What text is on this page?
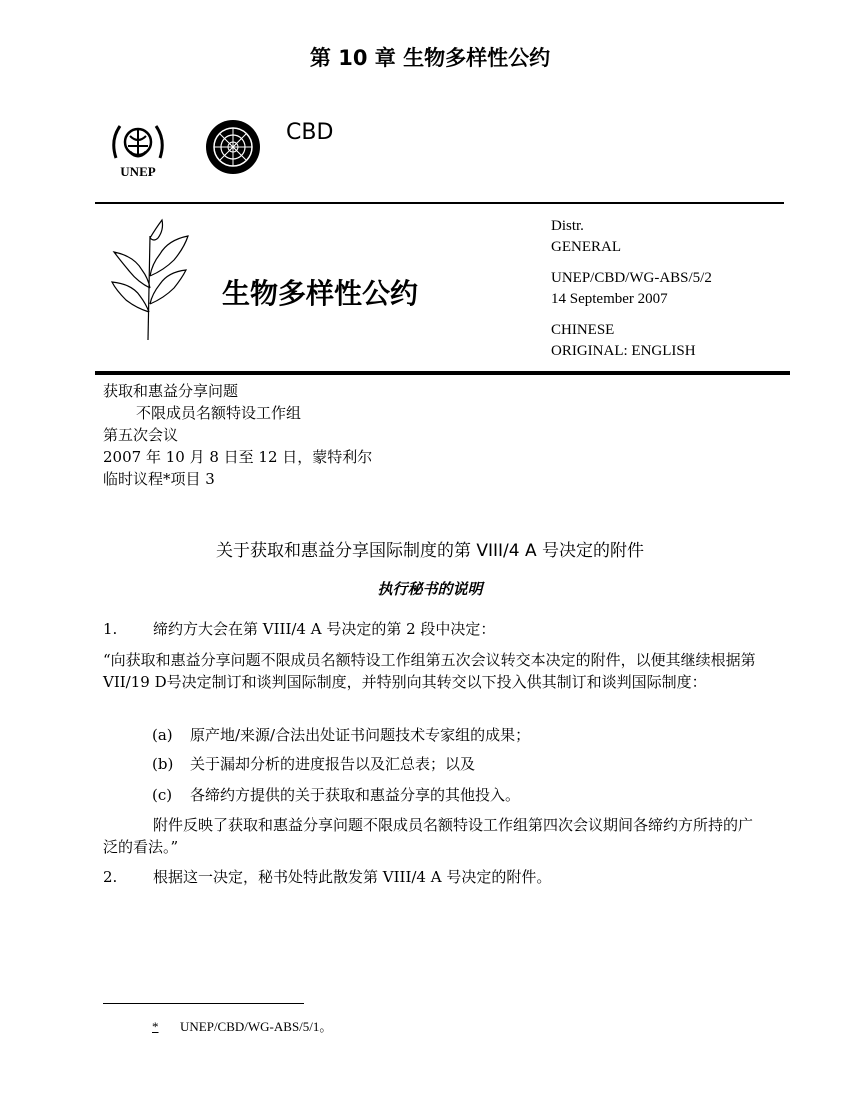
第 10 章 生物多样性公约
UNEP
CBD
生物多样性公约
Distr.
GENERAL
UNEP/CBD/WG-ABS/5/2
14 September 2007
CHINESE
ORIGINAL: ENGLISH
获取和惠益分享问题
不限成员名额特设工作组
第五次会议
2007 年 10 月 8 日至 12 日，蒙特利尔
临时议程*项目 3
关于获取和惠益分享国际制度的第 VIII/4 A 号决定的附件
执行秘书的说明
1. 缔约方大会在第 VIII/4 A 号决定的第 2 段中决定：
“向获取和惠益分享问题不限成员名额特设工作组第五次会议转交本决定的附件，以便其继续根据第VII/19 D号决定制订和谈判国际制度，并特别向其转交以下投入供其制订和谈判国际制度：
(a) 原产地/来源/合法出处证书问题技术专家组的成果；
(b) 关于漏却分析的进度报告以及汇总表；以及
(c) 各缔约方提供的关于获取和惠益分享的其他投入。
附件反映了获取和惠益分享问题不限成员名额特设工作组第四次会议期间各缔约方所持的广泛的看法。”
2. 根据这一决定，秘书处特此散发第 VIII/4 A 号决定的附件。
* UNEP/CBD/WG-ABS/5/1。
